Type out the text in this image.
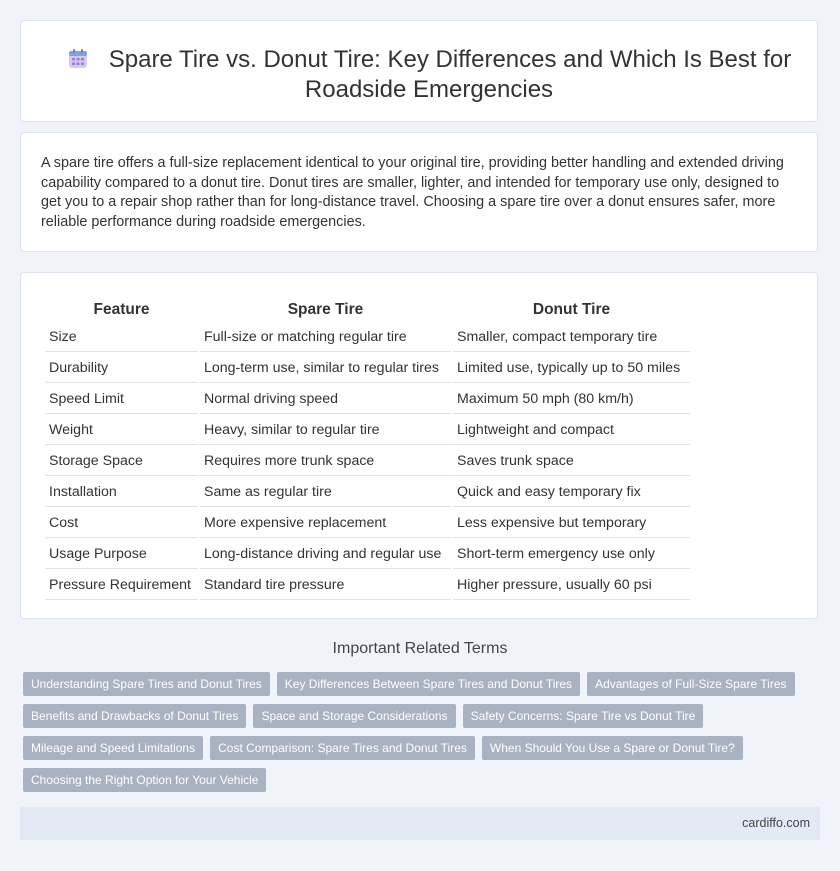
Spare Tire vs. Donut Tire: Key Differences and Which Is Best for Roadside Emergencies
A spare tire offers a full-size replacement identical to your original tire, providing better handling and extended driving capability compared to a donut tire. Donut tires are smaller, lighter, and intended for temporary use only, designed to get you to a repair shop rather than for long-distance travel. Choosing a spare tire over a donut ensures safer, more reliable performance during roadside emergencies.
Feature	Spare Tire	Donut Tire
Size	Full-size or matching regular tire	Smaller, compact temporary tire
Durability	Long-term use, similar to regular tires	Limited use, typically up to 50 miles
Speed Limit	Normal driving speed	Maximum 50 mph (80 km/h)
Weight	Heavy, similar to regular tire	Lightweight and compact
Storage Space	Requires more trunk space	Saves trunk space
Installation	Same as regular tire	Quick and easy temporary fix
Cost	More expensive replacement	Less expensive but temporary
Usage Purpose	Long-distance driving and regular use	Short-term emergency use only
Pressure Requirement	Standard tire pressure	Higher pressure, usually 60 psi
Important Related Terms
Understanding Spare Tires and Donut Tires	Key Differences Between Spare Tires and Donut Tires	Advantages of Full-Size Spare Tires
Benefits and Drawbacks of Donut Tires	Space and Storage Considerations	Safety Concerns: Spare Tire vs Donut Tire
Mileage and Speed Limitations	Cost Comparison: Spare Tires and Donut Tires	When Should You Use a Spare or Donut Tire?
Choosing the Right Option for Your Vehicle
cardiffo.com
